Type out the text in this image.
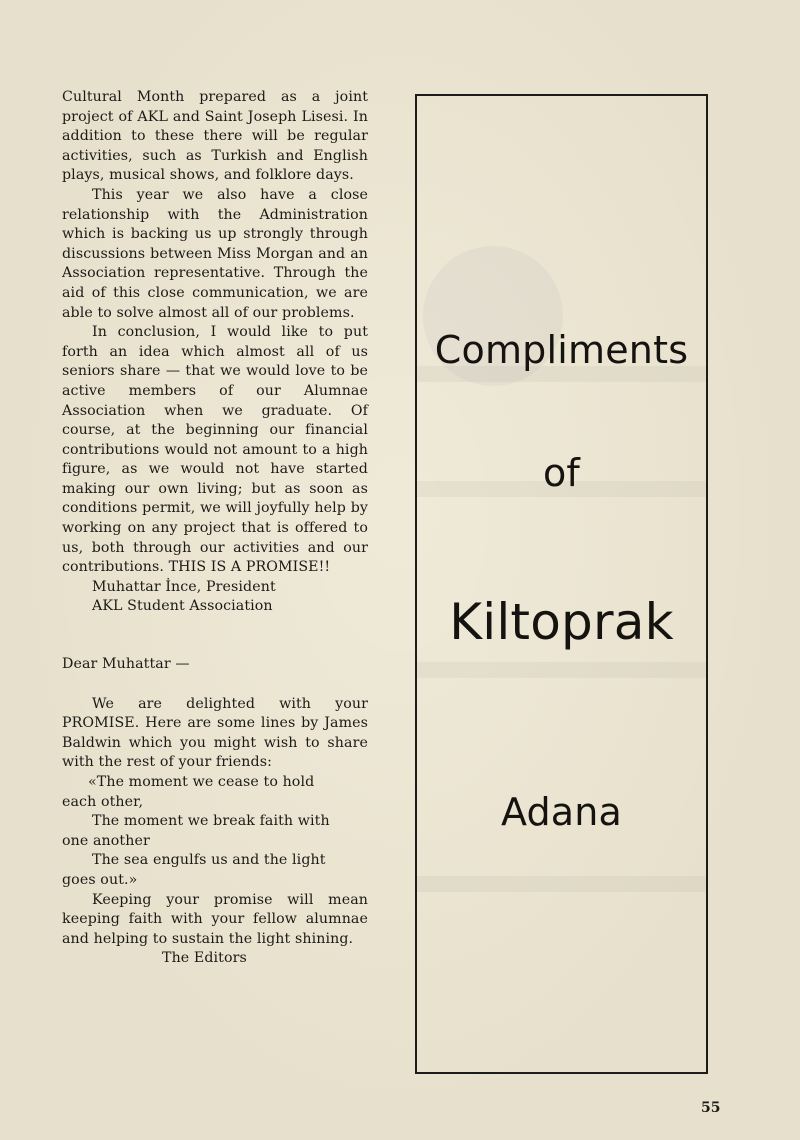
Cultural Month prepared as a joint project of AKL and Saint Joseph Lisesi. In addition to these there will be regular activities, such as Turkish and English plays, musical shows, and folklore days.

This year we also have a close relationship with the Administration which is backing us up strongly through discussions between Miss Morgan and an Association representative. Through the aid of this close communication, we are able to solve almost all of our problems.

In conclusion, I would like to put forth an idea which almost all of us seniors share — that we would love to be active members of our Alumnae Association when we graduate. Of course, at the beginning our financial contributions would not amount to a high figure, as we would not have started making our own living; but as soon as conditions permit, we will joyfully help by working on any project that is offered to us, both through our activities and our contributions. THIS IS A PROMISE!!

Muhattar İnce, President

AKL Student Association

Dear Muhattar —

We are delighted with your PROMISE. Here are some lines by James Baldwin which you might wish to share with the rest of your friends:

«The moment we cease to hold

each other,

The moment we break faith with

one another

The sea engulfs us and the light

goes out.»

Keeping your promise will mean keeping faith with your fellow alumnae and helping to sustain the light shining.

The Editors

Compliments
of
Kiltoprak
Adana
55
